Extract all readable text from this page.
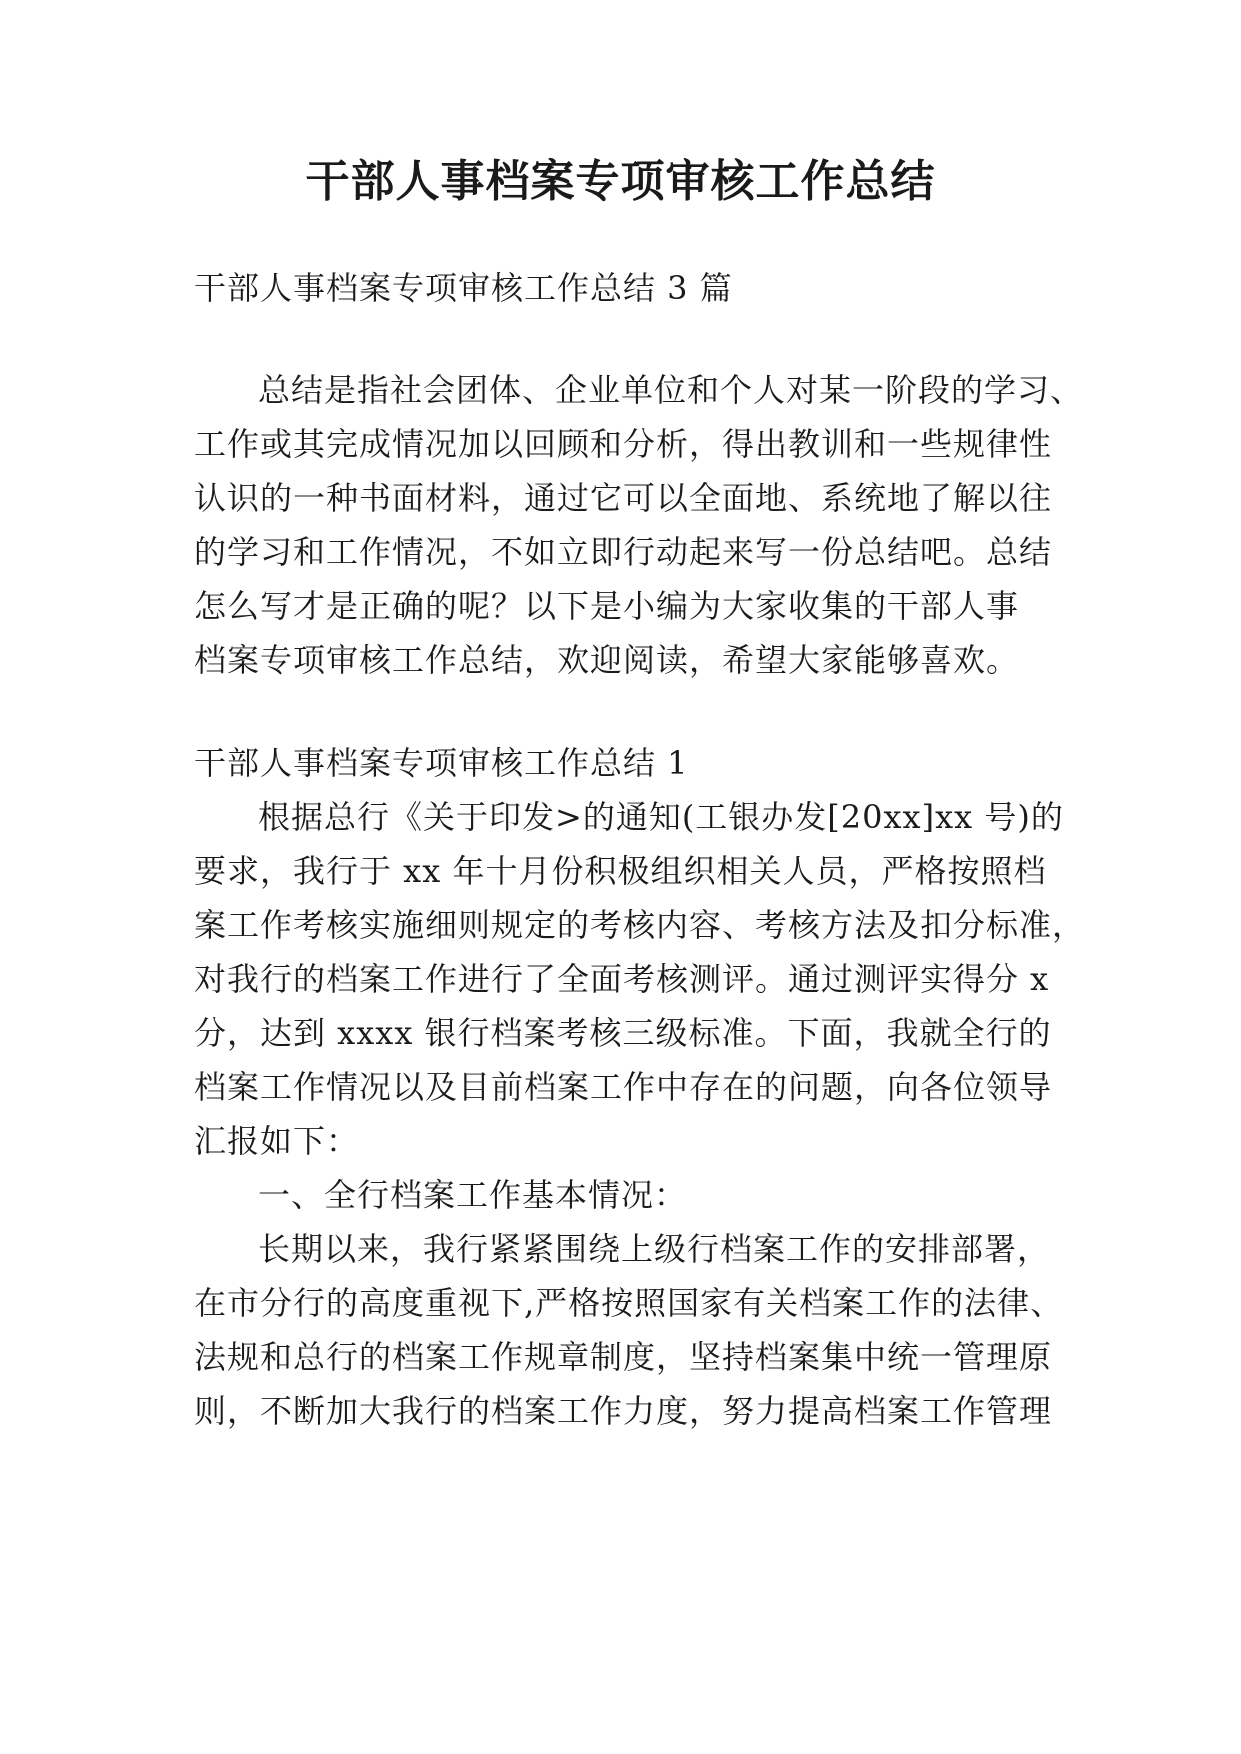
干部人事档案专项审核工作总结
干部人事档案专项审核工作总结 3 篇
总结是指社会团体、企业单位和个人对某一阶段的学习、
工作或其完成情况加以回顾和分析，得出教训和一些规律性
认识的一种书面材料，通过它可以全面地、系统地了解以往
的学习和工作情况，不如立即行动起来写一份总结吧。总结
怎么写才是正确的呢？以下是小编为大家收集的干部人事
档案专项审核工作总结，欢迎阅读，希望大家能够喜欢。
干部人事档案专项审核工作总结 1
根据总行《关于印发>的通知(工银办发[20xx]xx 号)的
要求，我行于 xx 年十月份积极组织相关人员，严格按照档
案工作考核实施细则规定的考核内容、考核方法及扣分标准，
对我行的档案工作进行了全面考核测评。通过测评实得分 x
分，达到 xxxx 银行档案考核三级标准。下面，我就全行的
档案工作情况以及目前档案工作中存在的问题，向各位领导
汇报如下：
一、全行档案工作基本情况：
长期以来，我行紧紧围绕上级行档案工作的安排部署，
在市分行的高度重视下,严格按照国家有关档案工作的法律、
法规和总行的档案工作规章制度，坚持档案集中统一管理原
则，不断加大我行的档案工作力度，努力提高档案工作管理
